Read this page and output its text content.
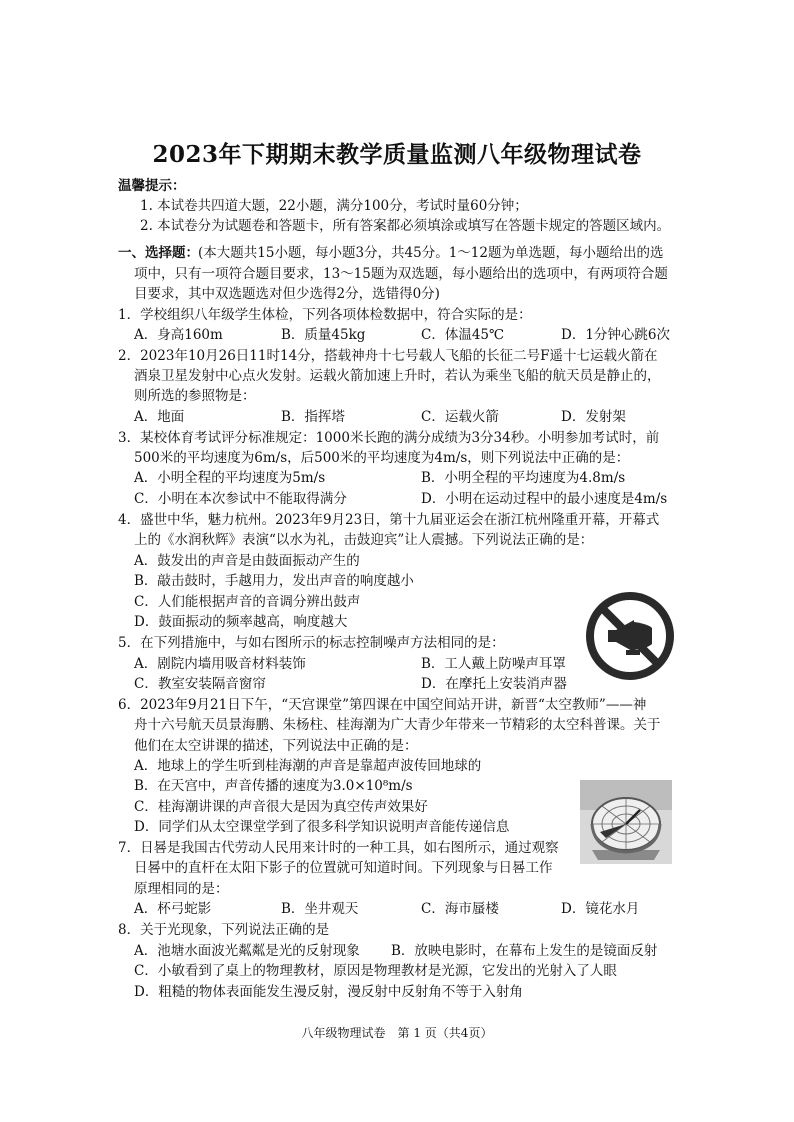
2023年下期期末教学质量监测八年级物理试卷
温馨提示：
1. 本试卷共四道大题，22小题，满分100分，考试时量60分钟；
2. 本试卷分为试题卷和答题卡，所有答案都必须填涂或填写在答题卡规定的答题区域内。
一、选择题： (本大题共15小题，每小题3分，共45分。1～12题为单选题，每小题给出的选
项中，只有一项符合题目要求，13～15题为双选题，每小题给出的选项中，有两项符合题
目要求，其中双选题选对但少选得2分，选错得0分)
1．学校组织八年级学生体检，下列各项体检数据中，符合实际的是：
A．身高160m	B．质量45kg	C．体温45℃	D．1分钟心跳6次
2．2023年10月26日11时14分，搭载神舟十七号载人飞船的长征二号F遥十七运载火箭在
酒泉卫星发射中心点火发射。运载火箭加速上升时，若认为乘坐飞船的航天员是静止的，
则所选的参照物是：
A．地面	B．指挥塔	C．运载火箭	D．发射架
3．某校体育考试评分标准规定：1000米长跑的满分成绩为3分34秒。小明参加考试时，前
500米的平均速度为6m/s，后500米的平均速度为4m/s，则下列说法中正确的是：
A．小明全程的平均速度为5m/s	B．小明全程的平均速度为4.8m/s
C．小明在本次参试中不能取得满分	D．小明在运动过程中的最小速度是4m/s
4．盛世中华，魅力杭州。2023年9月23日，第十九届亚运会在浙江杭州隆重开幕，开幕式
上的《水润秋辉》表演“以水为礼，击鼓迎宾”让人震撼。下列说法正确的是：
A．鼓发出的声音是由鼓面振动产生的
B．敲击鼓时，手越用力，发出声音的响度越小
C．人们能根据声音的音调分辨出鼓声
D．鼓面振动的频率越高，响度越大
5．在下列措施中，与如右图所示的标志控制噪声方法相同的是：
A．剧院内墙用吸音材料装饰	B．工人戴上防噪声耳罩
C．教室安装隔音窗帘	D．在摩托上安装消声器
6．2023年9月21日下午，“天宫课堂”第四课在中国空间站开讲，新晋“太空教师”——神
舟十六号航天员景海鹏、朱杨柱、桂海潮为广大青少年带来一节精彩的太空科普课。关于
他们在太空讲课的描述，下列说法中正确的是：
A．地球上的学生听到桂海潮的声音是靠超声波传回地球的
B．在天宫中，声音传播的速度为3.0×10⁸m/s
C．桂海潮讲课的声音很大是因为真空传声效果好
D．同学们从太空课堂学到了很多科学知识说明声音能传递信息
7．日晷是我国古代劳动人民用来计时的一种工具，如右图所示，通过观察
日晷中的直杆在太阳下影子的位置就可知道时间。下列现象与日晷工作
原理相同的是：
A．杯弓蛇影	B．坐井观天	C．海市蜃楼	D．镜花水月
8．关于光现象，下列说法正确的是
A．池塘水面波光粼粼是光的反射现象 B．放映电影时，在幕布上发生的是镜面反射
C．小敏看到了桌上的物理教材，原因是物理教材是光源，它发出的光射入了人眼
D．粗糙的物体表面能发生漫反射，漫反射中反射角不等于入射角
八年级物理试卷　第 1 页（共4页）
